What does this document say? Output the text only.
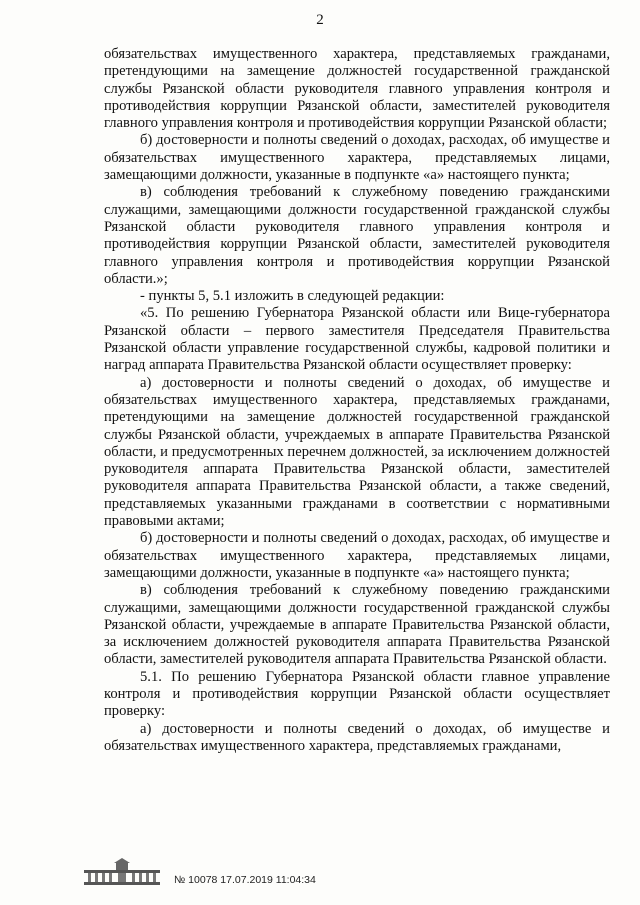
2

обязательствах имущественного характера, представляемых гражданами, претендующими на замещение должностей государственной гражданской службы Рязанской области руководителя главного управления контроля и противодействия коррупции Рязанской области, заместителей руководителя главного управления контроля и противодействия коррупции Рязанской области;

б) достоверности и полноты сведений о доходах, расходах, об имуществе и обязательствах имущественного характера, представляемых лицами, замещающими должности, указанные в подпункте «а» настоящего пункта;

в) соблюдения требований к служебному поведению гражданскими служащими, замещающими должности государственной гражданской службы Рязанской области руководителя главного управления контроля и противодействия коррупции Рязанской области, заместителей руководителя главного управления контроля и противодействия коррупции Рязанской области.»;

- пункты 5, 5.1 изложить в следующей редакции:

«5. По решению Губернатора Рязанской области или Вице-губернатора Рязанской области – первого заместителя Председателя Правительства Рязанской области управление государственной службы, кадровой политики и наград аппарата Правительства Рязанской области осуществляет проверку:

а) достоверности и полноты сведений о доходах, об имуществе и обязательствах имущественного характера, представляемых гражданами, претендующими на замещение должностей государственной гражданской службы Рязанской области, учреждаемых в аппарате Правительства Рязанской области, и предусмотренных перечнем должностей, за исключением должностей руководителя аппарата Правительства Рязанской области, заместителей руководителя аппарата Правительства Рязанской области, а также сведений, представляемых указанными гражданами в соответствии с нормативными правовыми актами;

б) достоверности и полноты сведений о доходах, расходах, об имуществе и обязательствах имущественного характера, представляемых лицами, замещающими должности, указанные в подпункте «а» настоящего пункта;

в) соблюдения требований к служебному поведению гражданскими служащими, замещающими должности государственной гражданской службы Рязанской области, учреждаемые в аппарате Правительства Рязанской области, за исключением должностей руководителя аппарата Правительства Рязанской области, заместителей руководителя аппарата Правительства Рязанской области.

5.1. По решению Губернатора Рязанской области главное управление контроля и противодействия коррупции Рязанской области осуществляет проверку:

а) достоверности и полноты сведений о доходах, об имуществе и обязательствах имущественного характера, представляемых гражданами,

№ 10078 17.07.2019 11:04:34
